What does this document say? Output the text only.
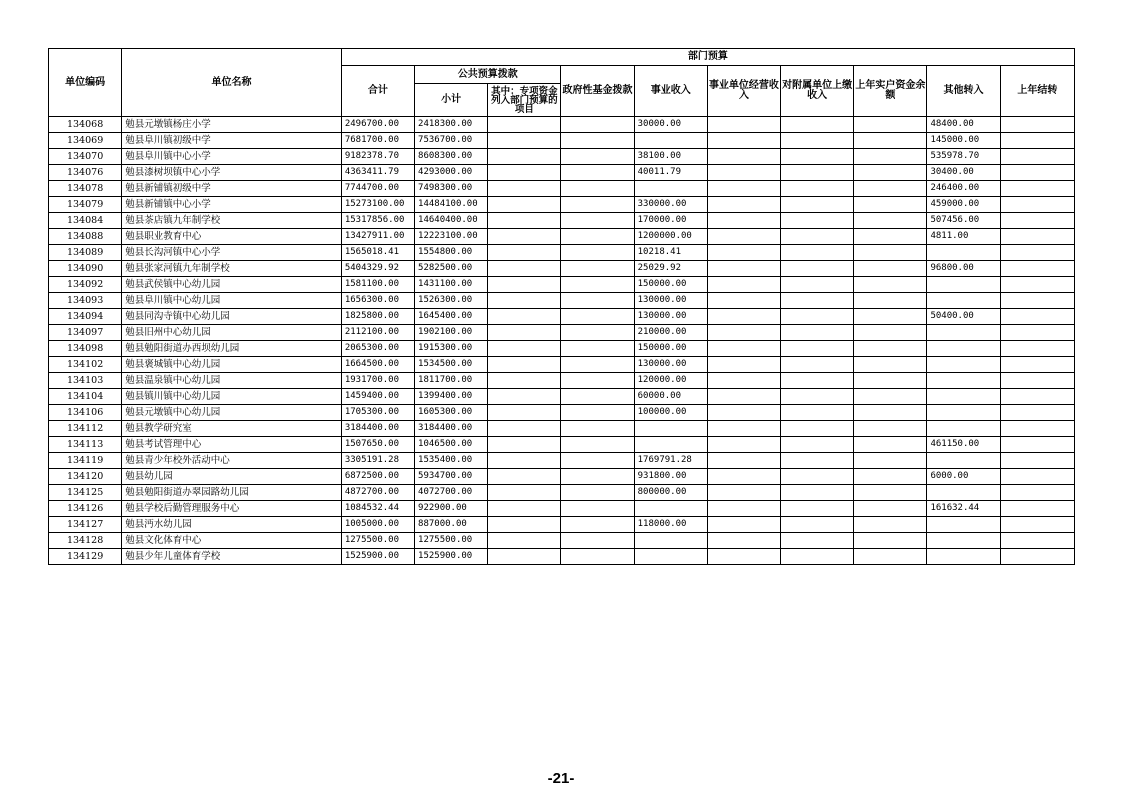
单位编码	单位名称	部门预算									
		合计	公共预算拨款		政府性基金拨款	事业收入	事业单位经营收入	对附属单位上缴收入	上年实户资金余额	其他转入	上年结转
			小计	其中：专项资金列入部门预算的项目							
134068	勉县元墩镇杨庄小学	2496700.00	2418300.00			30000.00				48400.00	
134069	勉县阜川镇初级中学	7681700.00	7536700.00							145000.00	
134070	勉县阜川镇中心小学	9182378.70	8608300.00			38100.00				535978.70	
134076	勉县漆树坝镇中心小学	4363411.79	4293000.00			40011.79				30400.00	
134078	勉县新铺镇初级中学	7744700.00	7498300.00							246400.00	
134079	勉县新铺镇中心小学	15273100.00	14484100.00			330000.00				459000.00	
134084	勉县茶店镇九年制学校	15317856.00	14640400.00			170000.00				507456.00	
134088	勉县职业教育中心	13427911.00	12223100.00			1200000.00				4811.00	
134089	勉县长沟河镇中心小学	1565018.41	1554800.00			10218.41					
134090	勉县张家河镇九年制学校	5404329.92	5282500.00			25029.92				96800.00	
134092	勉县武侯镇中心幼儿园	1581100.00	1431100.00			150000.00					
134093	勉县阜川镇中心幼儿园	1656300.00	1526300.00			130000.00					
134094	勉县同沟寺镇中心幼儿园	1825800.00	1645400.00			130000.00				50400.00	
134097	勉县旧州中心幼儿园	2112100.00	1902100.00			210000.00					
134098	勉县勉阳街道办西坝幼儿园	2065300.00	1915300.00			150000.00					
134102	勉县褒城镇中心幼儿园	1664500.00	1534500.00			130000.00					
134103	勉县温泉镇中心幼儿园	1931700.00	1811700.00			120000.00					
134104	勉县镇川镇中心幼儿园	1459400.00	1399400.00			60000.00					
134106	勉县元墩镇中心幼儿园	1705300.00	1605300.00			100000.00					
134112	勉县教学研究室	3184400.00	3184400.00								
134113	勉县考试管理中心	1507650.00	1046500.00							461150.00	
134119	勉县青少年校外活动中心	3305191.28	1535400.00			1769791.28					
134120	勉县幼儿园	6872500.00	5934700.00			931800.00				6000.00	
134125	勉县勉阳街道办翠园路幼儿园	4872700.00	4072700.00			800000.00					
134126	勉县学校后勤管理服务中心	1084532.44	922900.00							161632.44	
134127	勉县沔水幼儿园	1005000.00	887000.00			118000.00					
134128	勉县文化体育中心	1275500.00	1275500.00								
134129	勉县少年儿童体育学校	1525900.00	1525900.00								
-21-
